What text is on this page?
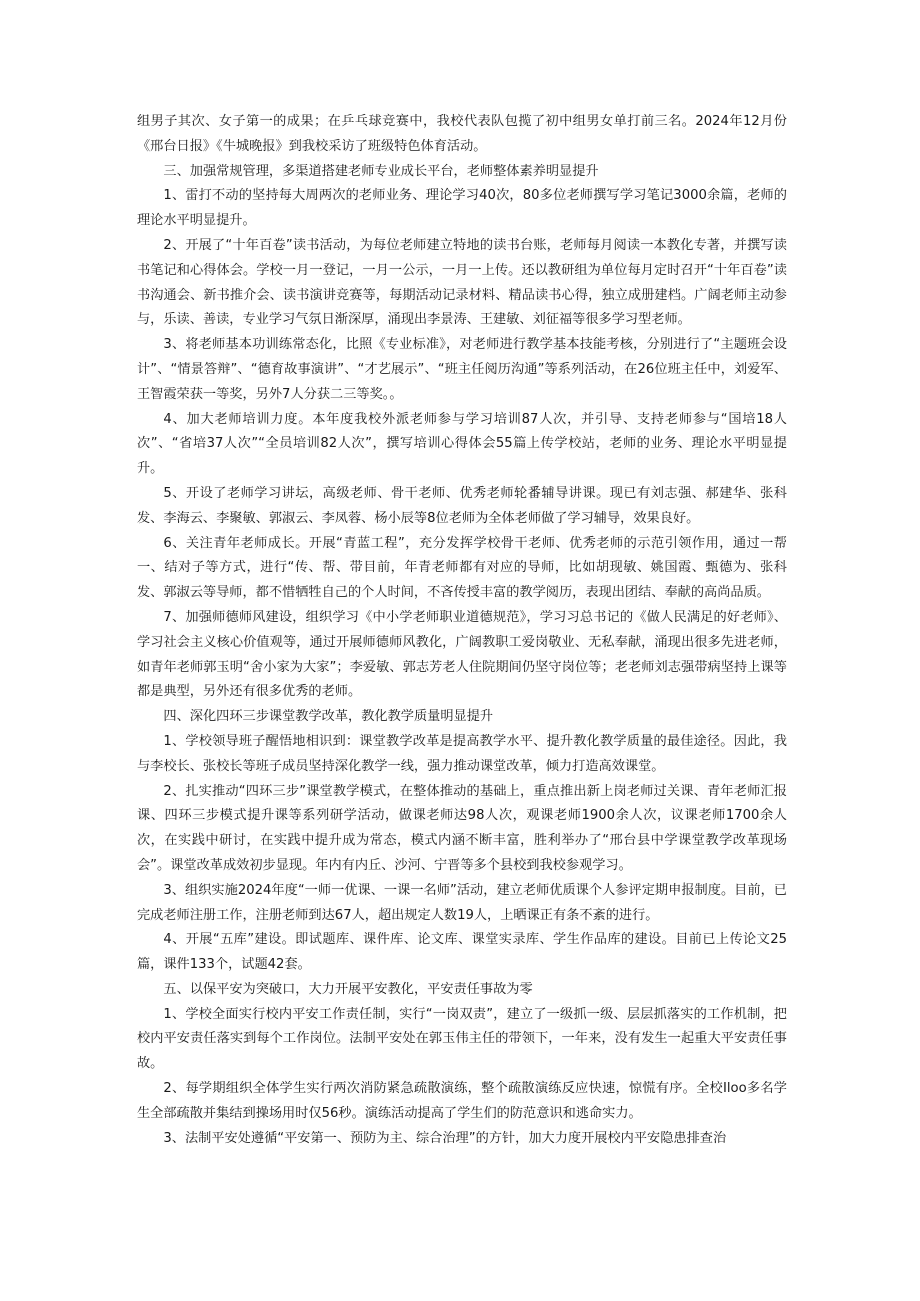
组男子其次、女子第一的成果；在乒乓球竞赛中，我校代表队包揽了初中组男女单打前三名。2024年12月份《邢台日报》《牛城晚报》到我校采访了班级特色体育活动。

三、加强常规管理，多渠道搭建老师专业成长平台，老师整体素养明显提升

1、雷打不动的坚持每大周两次的老师业务、理论学习40次，80多位老师撰写学习笔记3000余篇，老师的理论水平明显提升。

2、开展了“十年百卷”读书活动，为每位老师建立特地的读书台账，老师每月阅读一本教化专著，并撰写读书笔记和心得体会。学校一月一登记，一月一公示，一月一上传。还以教研组为单位每月定时召开“十年百卷”读书沟通会、新书推介会、读书演讲竞赛等，每期活动记录材料、精品读书心得，独立成册建档。广阔老师主动参与，乐读、善读，专业学习气氛日渐深厚，涌现出李景涛、王建敏、刘征福等很多学习型老师。

3、将老师基本功训练常态化，比照《专业标准》，对老师进行教学基本技能考核，分别进行了“主题班会设计”、“情景答辩”、“德育故事演讲”、“才艺展示”、“班主任阅历沟通”等系列活动，在26位班主任中，刘爱军、王智霞荣获一等奖，另外7人分获二三等奖。。

4、加大老师培训力度。本年度我校外派老师参与学习培训87人次，并引导、支持老师参与“国培18人次”、“省培37人次”“全员培训82人次”，撰写培训心得体会55篇上传学校站，老师的业务、理论水平明显提升。

5、开设了老师学习讲坛，高级老师、骨干老师、优秀老师轮番辅导讲课。现已有刘志强、郝建华、张科发、李海云、李聚敏、郭淑云、李凤蓉、杨小辰等8位老师为全体老师做了学习辅导，效果良好。

6、关注青年老师成长。开展“青蓝工程”，充分发挥学校骨干老师、优秀老师的示范引领作用，通过一帮一、结对子等方式，进行“传、帮、带目前，年青老师都有对应的导师，比如胡现敏、姚国霞、甄德为、张科发、郭淑云等导师，都不惜牺牲自己的个人时间，不吝传授丰富的教学阅历，表现出团结、奉献的高尚品质。

7、加强师德师风建设，组织学习《中小学老师职业道德规范》，学习习总书记的《做人民满足的好老师》、学习社会主义核心价值观等，通过开展师德师风教化，广阔教职工爱岗敬业、无私奉献，涌现出很多先进老师，如青年老师郭玉明“舍小家为大家”；李爱敏、郭志芳老人住院期间仍坚守岗位等；老老师刘志强带病坚持上课等都是典型，另外还有很多优秀的老师。

四、深化四环三步课堂教学改革，教化教学质量明显提升

1、学校领导班子醒悟地相识到：课堂教学改革是提高教学水平、提升教化教学质量的最佳途径。因此，我与李校长、张校长等班子成员坚持深化教学一线，强力推动课堂改革，倾力打造高效课堂。

2、扎实推动“四环三步”课堂教学模式，在整体推动的基础上，重点推出新上岗老师过关课、青年老师汇报课、四环三步模式提升课等系列研学活动，做课老师达98人次，观课老师1900余人次，议课老师1700余人次，在实践中研讨，在实践中提升成为常态，模式内涵不断丰富，胜利举办了“邢台县中学课堂教学改革现场会”。课堂改革成效初步显现。年内有内丘、沙河、宁晋等多个县校到我校参观学习。

3、组织实施2024年度“一师一优课、一课一名师”活动，建立老师优质课个人参评定期申报制度。目前，已完成老师注册工作，注册老师到达67人，超出规定人数19人，上晒课正有条不紊的进行。

4、开展“五库”建设。即试题库、课件库、论文库、课堂实录库、学生作品库的建设。目前已上传论文25篇，课件133个，试题42套。

五、以保平安为突破口，大力开展平安教化，平安责任事故为零

1、学校全面实行校内平安工作责任制，实行“一岗双责”，建立了一级抓一级、层层抓落实的工作机制，把校内平安责任落实到每个工作岗位。法制平安处在郭玉伟主任的带领下，一年来，没有发生一起重大平安责任事故。

2、每学期组织全体学生实行两次消防紧急疏散演练，整个疏散演练反应快速，惊慌有序。全校Iloo多名学生全部疏散并集结到操场用时仅56秒。演练活动提高了学生们的防范意识和逃命实力。

3、法制平安处遵循“平安第一、预防为主、综合治理”的方针，加大力度开展校内平安隐患排查治
